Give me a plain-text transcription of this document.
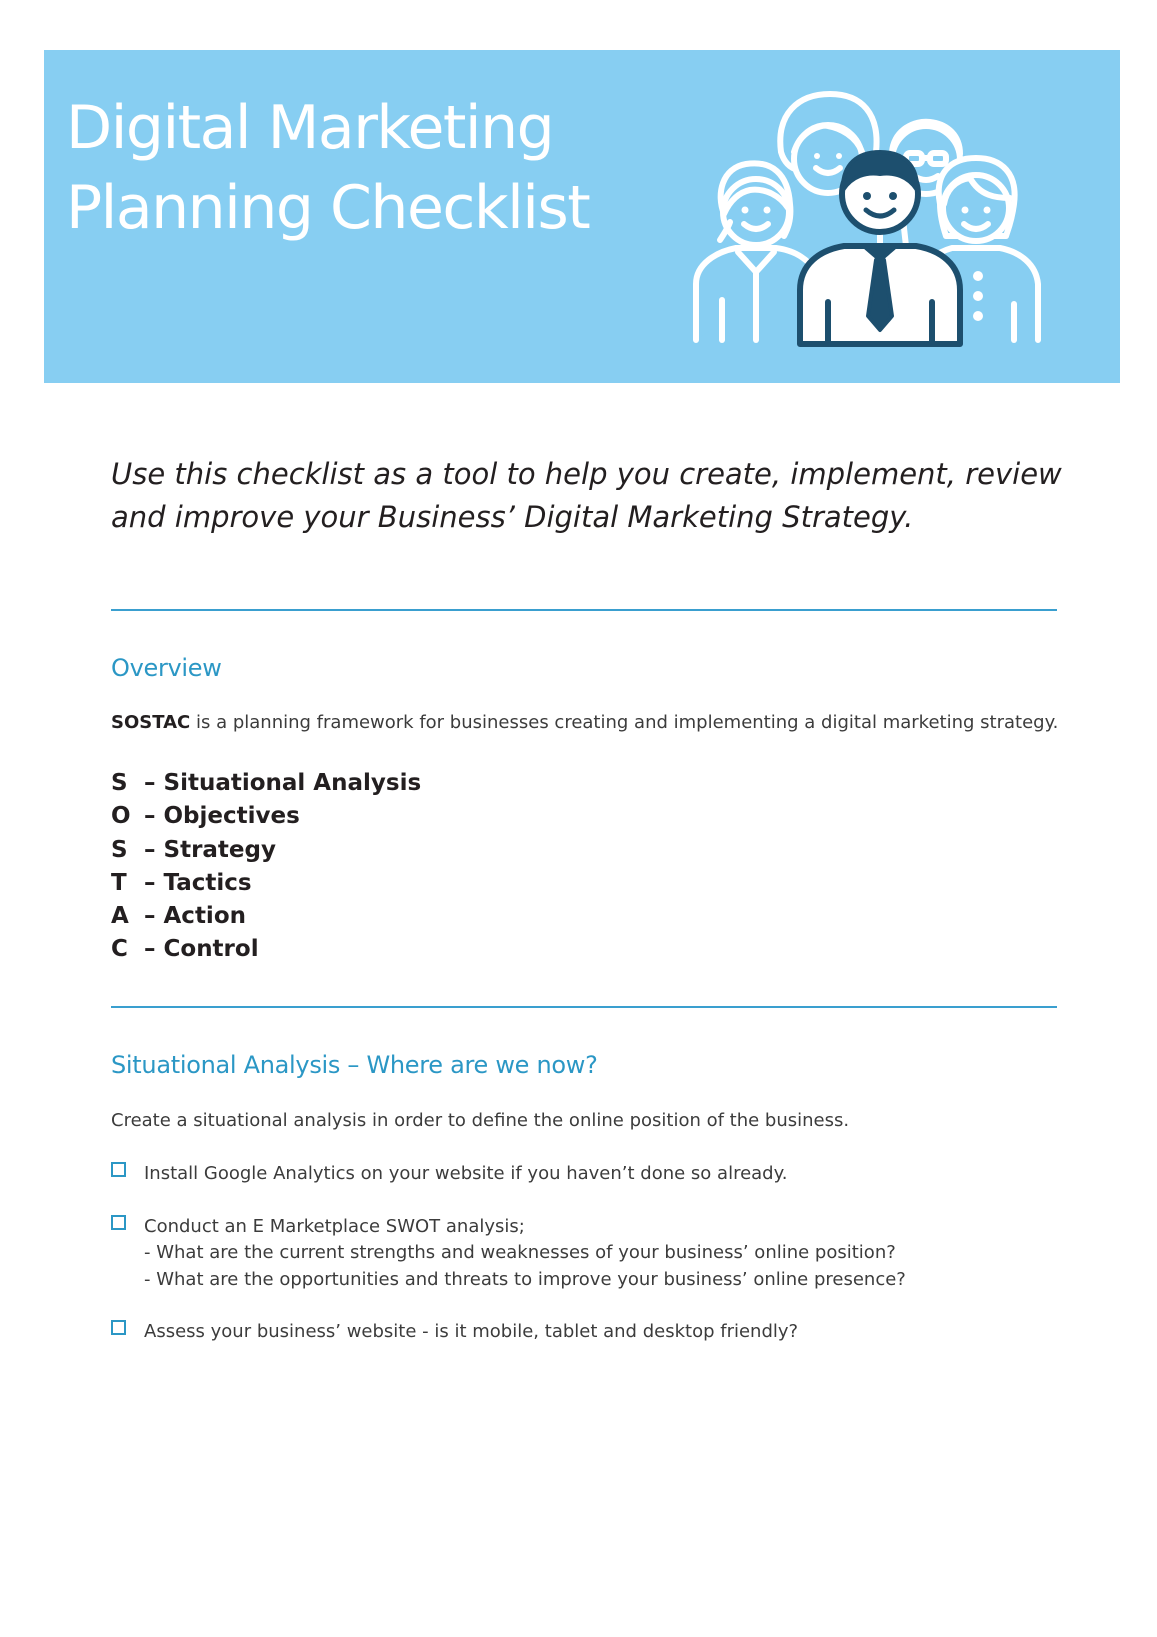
Digital Marketing
Planning Checklist

Use this checklist as a tool to help you create, implement, review
and improve your Business’ Digital Marketing Strategy.

Overview

SOSTAC is a planning framework for businesses creating and implementing a digital marketing strategy.

S – Situational Analysis
O – Objectives
S – Strategy
T – Tactics
A – Action
C – Control
Situational Analysis – Where are we now?

Create a situational analysis in order to define the online position of the business.

Install Google Analytics on your website if you haven’t done so already.
Conduct an E Marketplace SWOT analysis;
- What are the current strengths and weaknesses of your business’ online position?
- What are the opportunities and threats to improve your business’ online presence?
Assess your business’ website - is it mobile, tablet and desktop friendly?
